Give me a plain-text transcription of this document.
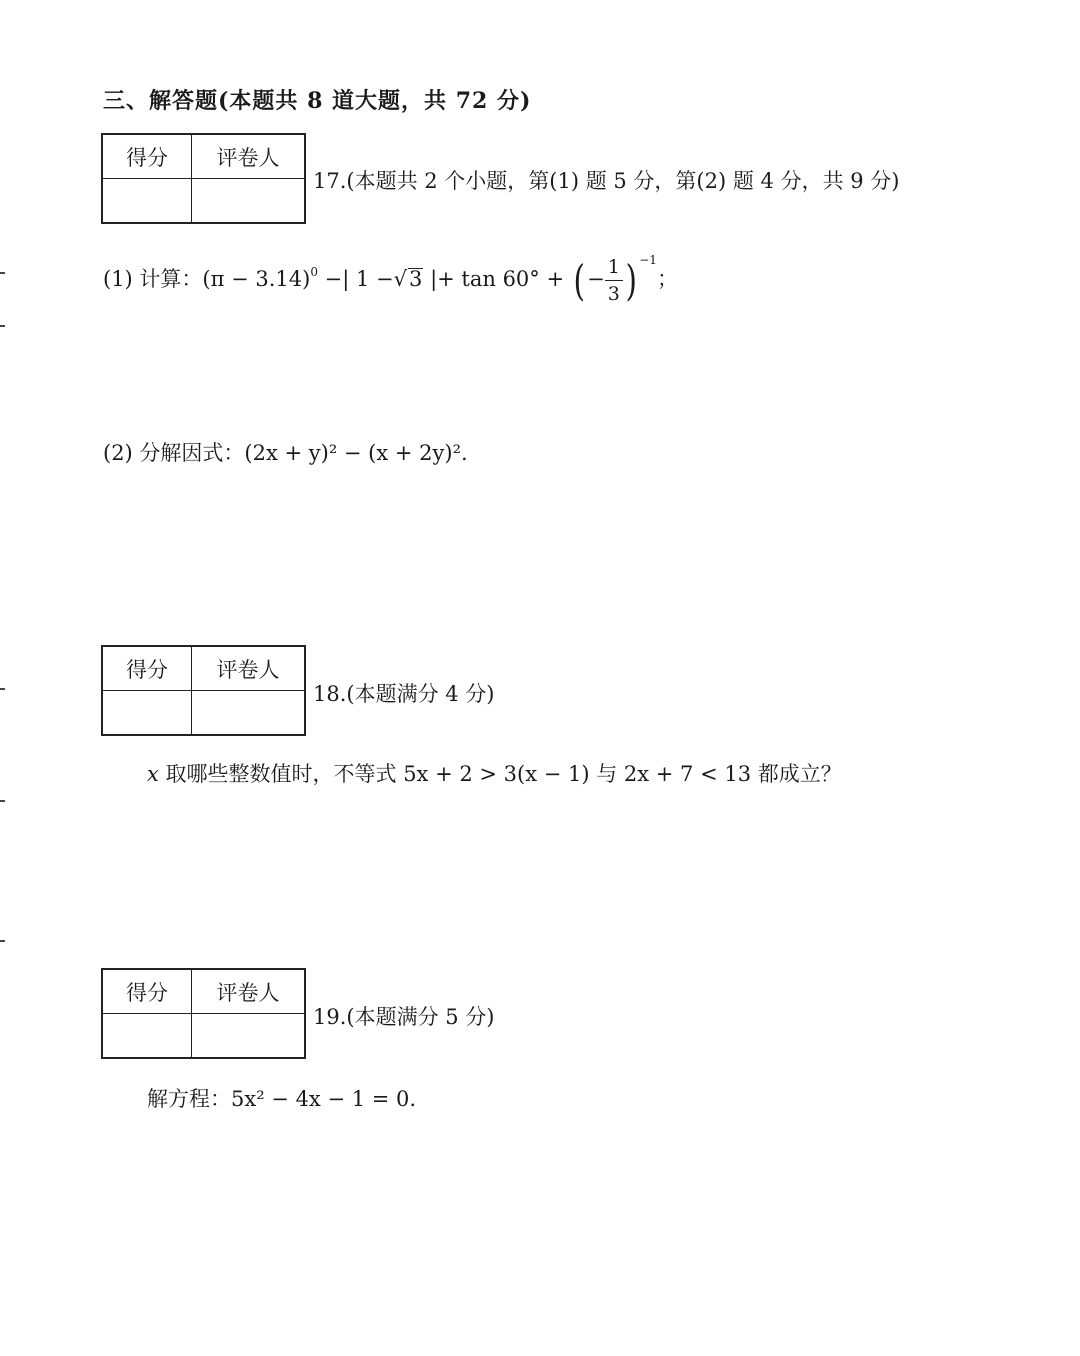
三、解答题(本题共 8 道大题，共 72 分)
得分	评卷人

17.(本题共 2 个小题，第(1) 题 5 分，第(2) 题 4 分，共 9 分)
(1) 计算：$(\pi - 3.14)^0$ −| 1 −√3 |+ tan 60° + ( − $\frac{1}{3}$ ) $^{-1}$；
(2) 分解因式：(2x + y)² − (x + 2y)².
得分	评卷人

18.(本题满分 4 分)
x 取哪些整数值时，不等式 5x + 2 > 3(x − 1) 与 2x + 7 < 13 都成立？
得分	评卷人

19.(本题满分 5 分)
解方程：5x² − 4x − 1 = 0.
